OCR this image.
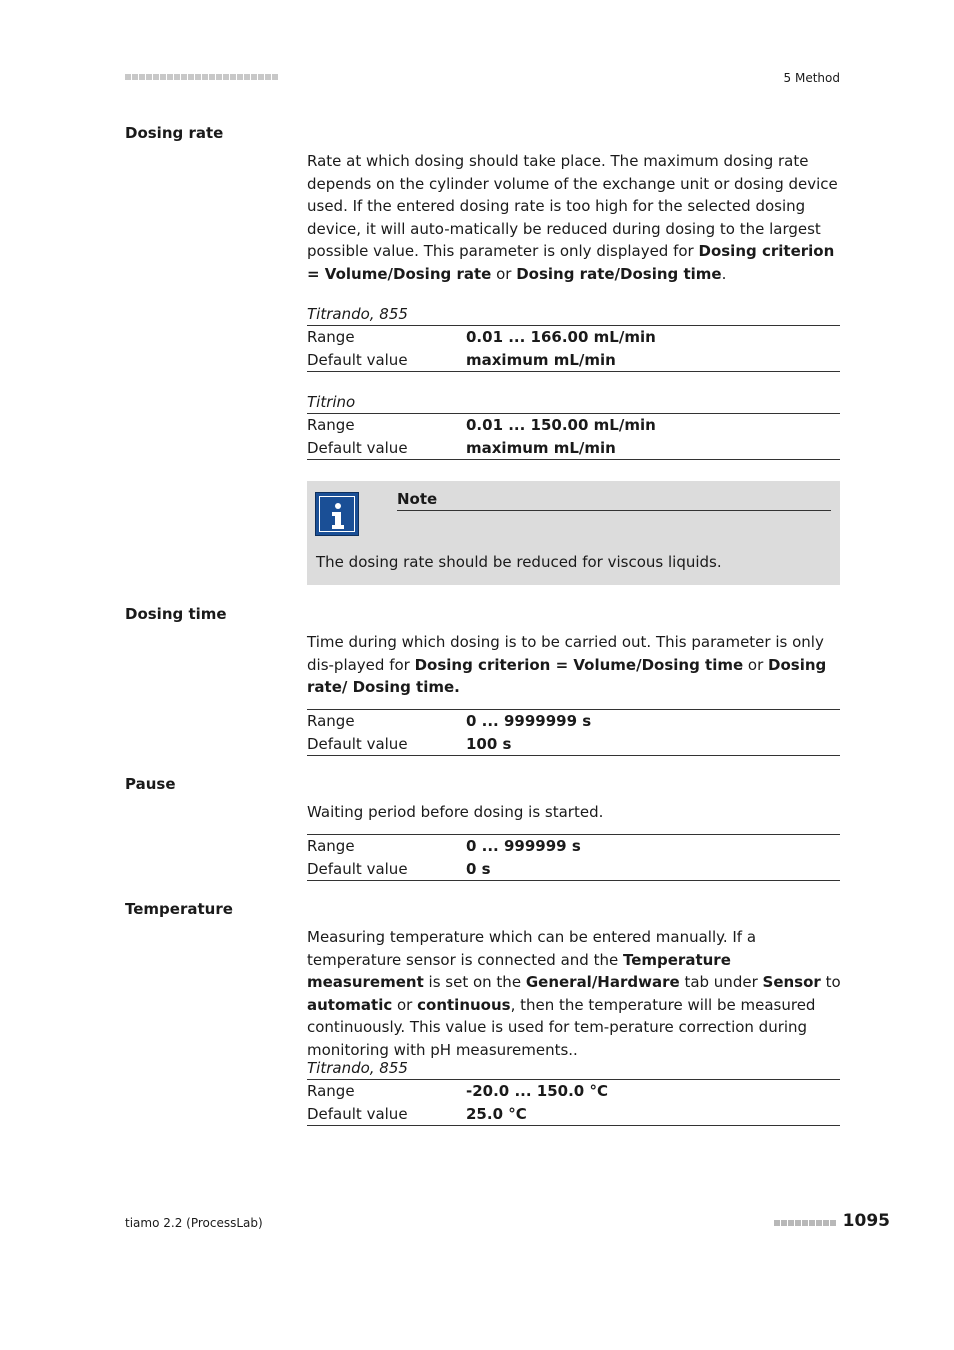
5 Method
Dosing rate
Rate at which dosing should take place. The maximum dosing rate depends on the cylinder volume of the exchange unit or dosing device used. If the entered dosing rate is too high for the selected dosing device, it will auto-matically be reduced during dosing to the largest possible value. This parameter is only displayed for Dosing criterion = Volume/Dosing rate or Dosing rate/Dosing time.
Titrando, 855
Range	0.01 ... 166.00 mL/min
Default value	maximum mL/min
Titrino
Range	0.01 ... 150.00 mL/min
Default value	maximum mL/min
Note
The dosing rate should be reduced for viscous liquids.
Dosing time
Time during which dosing is to be carried out. This parameter is only dis-played for Dosing criterion = Volume/Dosing time or Dosing rate/ Dosing time.
Range	0 ... 9999999 s
Default value	100 s
Pause
Waiting period before dosing is started.
Range	0 ... 999999 s
Default value	0 s
Temperature
Measuring temperature which can be entered manually. If a temperature sensor is connected and the Temperature measurement is set on the General/Hardware tab under Sensor to automatic or continuous, then the temperature will be measured continuously. This value is used for tem-perature correction during monitoring with pH measurements..
Titrando, 855
Range	-20.0 ... 150.0 °C
Default value	25.0 °C
tiamo 2.2 (ProcessLab)	1095
